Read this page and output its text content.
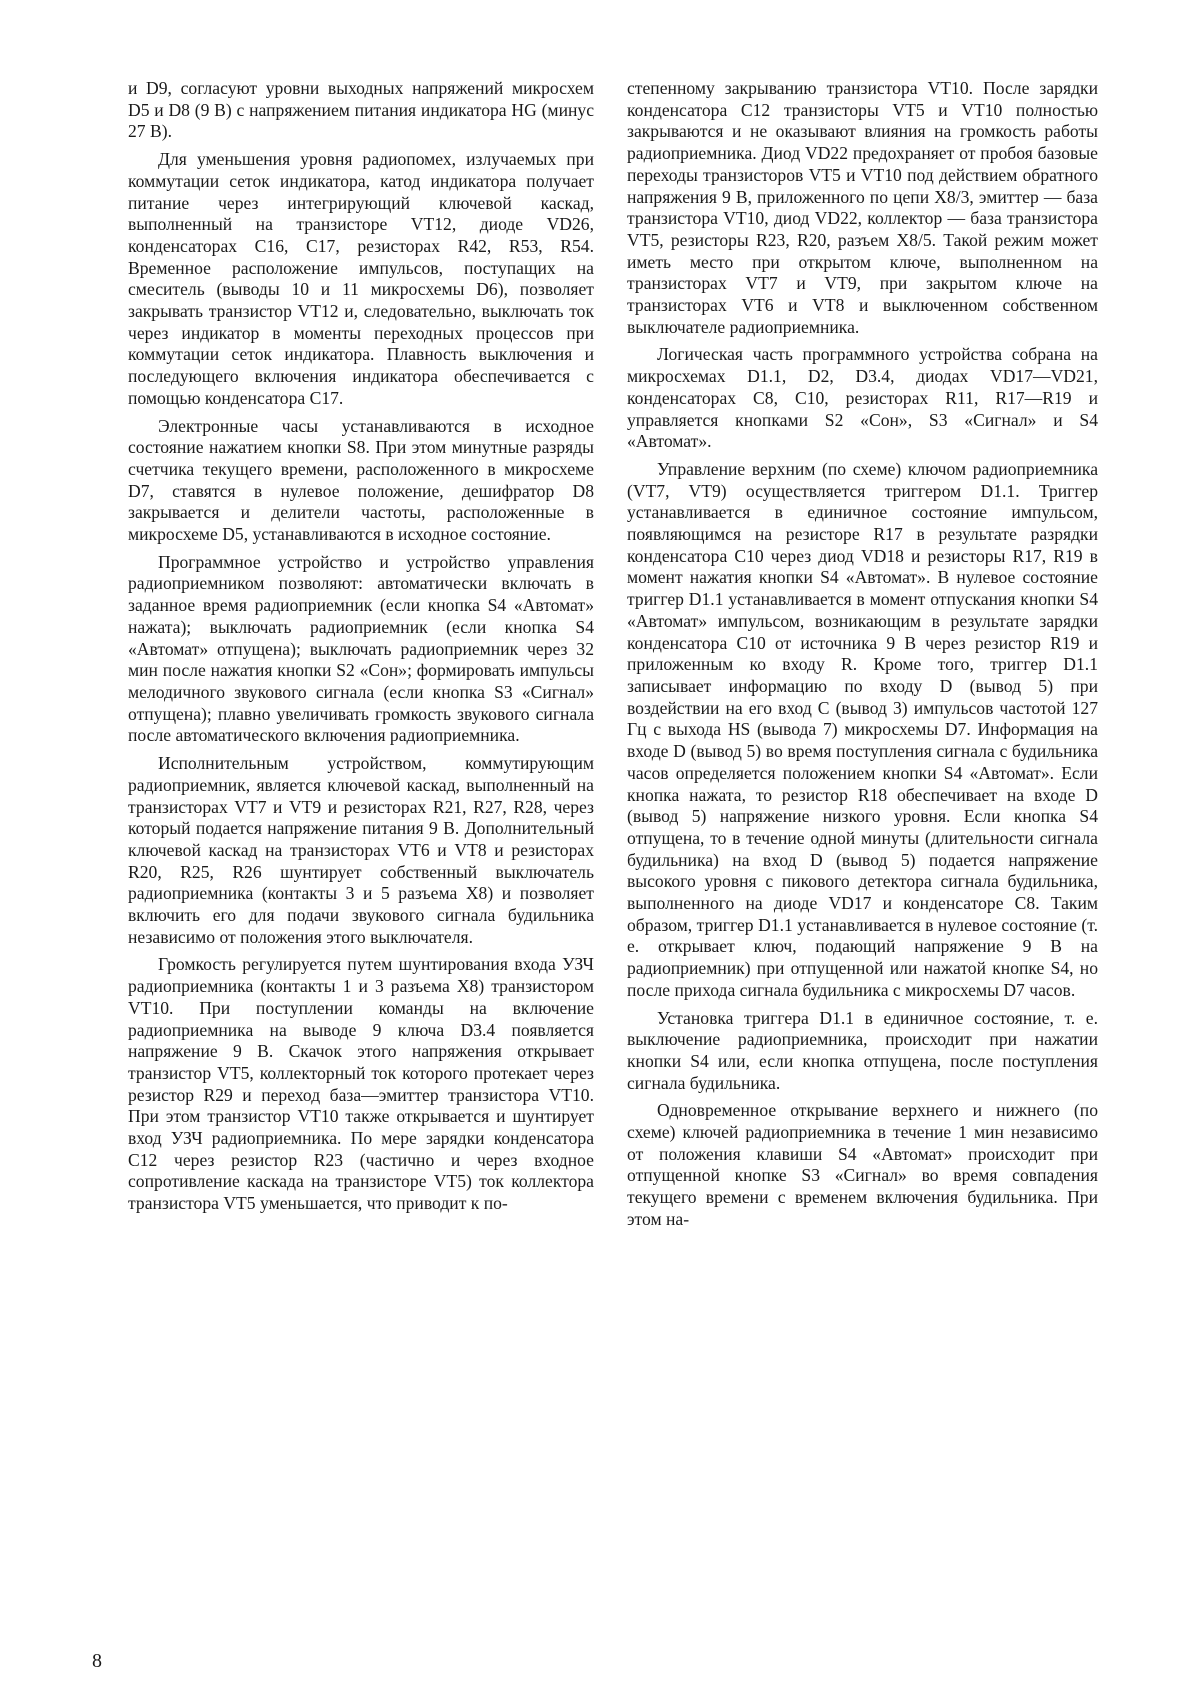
и D9, согласуют уровни выходных напряжений микросхем D5 и D8 (9 В) с напряжением питания индикатора HG (минус 27 В).

Для уменьшения уровня радиопомех, излучаемых при коммутации сеток индикатора, катод индикатора получает питание через интегрирующий ключевой каскад, выполненный на транзисторе VT12, диоде VD26, конденсаторах C16, C17, резисторах R42, R53, R54. Временное расположение импульсов, поступащих на смеситель (выводы 10 и 11 микросхемы D6), позволяет закрывать транзистор VT12 и, следовательно, выключать ток через индикатор в моменты переходных процессов при коммутации сеток индикатора. Плавность выключения и последующего включения индикатора обеспечивается с помощью конденсатора C17.

Электронные часы устанавливаются в исходное состояние нажатием кнопки S8. При этом минутные разряды счетчика текущего времени, расположенного в микросхеме D7, ставятся в нулевое положение, дешифратор D8 закрывается и делители частоты, расположенные в микросхеме D5, устанавливаются в исходное состояние.

Программное устройство и устройство управления радиоприемником позволяют: автоматически включать в заданное время радиоприемник (если кнопка S4 «Автомат» нажата); выключать радиоприемник (если кнопка S4 «Автомат» отпущена); выключать радиоприемник через 32 мин после нажатия кнопки S2 «Сон»; формировать импульсы мелодичного звукового сигнала (если кнопка S3 «Сигнал» отпущена); плавно увеличивать громкость звукового сигнала после автоматического включения радиоприемника.

Исполнительным устройством, коммутирующим радиоприемник, является ключевой каскад, выполненный на транзисторах VT7 и VT9 и резисторах R21, R27, R28, через который подается напряжение питания 9 В. Дополнительный ключевой каскад на транзисторах VT6 и VT8 и резисторах R20, R25, R26 шунтирует собственный выключатель радиоприемника (контакты 3 и 5 разъема X8) и позволяет включить его для подачи звукового сигнала будильника независимо от положения этого выключателя.

Громкость регулируется путем шунтирования входа УЗЧ радиоприемника (контакты 1 и 3 разъема X8) транзистором VT10. При поступлении команды на включение радиоприемника на выводе 9 ключа D3.4 появляется напряжение 9 В. Скачок этого напряжения открывает транзистор VT5, коллекторный ток которого протекает через резистор R29 и переход база—эмиттер транзистора VT10. При этом транзистор VT10 также открывается и шунтирует вход УЗЧ радиоприемника. По мере зарядки конденсатора C12 через резистор R23 (частично и через входное сопротивление каскада на транзисторе VT5) ток коллектора транзистора VT5 уменьшается, что приводит к по-

степенному закрыванию транзистора VT10. После зарядки конденсатора C12 транзисторы VT5 и VT10 полностью закрываются и не оказывают влияния на громкость работы радиоприемника. Диод VD22 предохраняет от пробоя базовые переходы транзисторов VT5 и VT10 под действием обратного напряжения 9 В, приложенного по цепи X8/3, эмиттер — база транзистора VT10, диод VD22, коллектор — база транзистора VT5, резисторы R23, R20, разъем X8/5. Такой режим может иметь место при открытом ключе, выполненном на транзисторах VT7 и VT9, при закрытом ключе на транзисторах VT6 и VT8 и выключенном собственном выключателе радиоприемника.

Логическая часть программного устройства собрана на микросхемах D1.1, D2, D3.4, диодах VD17—VD21, конденсаторах C8, C10, резисторах R11, R17—R19 и управляется кнопками S2 «Сон», S3 «Сигнал» и S4 «Автомат».

Управление верхним (по схеме) ключом радиоприемника (VT7, VT9) осуществляется триггером D1.1. Триггер устанавливается в единичное состояние импульсом, появляющимся на резисторе R17 в результате разрядки конденсатора C10 через диод VD18 и резисторы R17, R19 в момент нажатия кнопки S4 «Автомат». В нулевое состояние триггер D1.1 устанавливается в момент отпускания кнопки S4 «Автомат» импульсом, возникающим в результате зарядки конденсатора C10 от источника 9 В через резистор R19 и приложенным ко входу R. Кроме того, триггер D1.1 записывает информацию по входу D (вывод 5) при воздействии на его вход C (вывод 3) импульсов частотой 127 Гц с выхода HS (вывода 7) микросхемы D7. Информация на входе D (вывод 5) во время поступления сигнала с будильника часов определяется положением кнопки S4 «Автомат». Если кнопка нажата, то резистор R18 обеспечивает на входе D (вывод 5) напряжение низкого уровня. Если кнопка S4 отпущена, то в течение одной минуты (длительности сигнала будильника) на вход D (вывод 5) подается напряжение высокого уровня с пикового детектора сигнала будильника, выполненного на диоде VD17 и конденсаторе C8. Таким образом, триггер D1.1 устанавливается в нулевое состояние (т. е. открывает ключ, подающий напряжение 9 В на радиоприемник) при отпущенной или нажатой кнопке S4, но после прихода сигнала будильника с микросхемы D7 часов.

Установка триггера D1.1 в единичное состояние, т. е. выключение радиоприемника, происходит при нажатии кнопки S4 или, если кнопка отпущена, после поступления сигнала будильника.

Одновременное открывание верхнего и нижнего (по схеме) ключей радиоприемника в течение 1 мин независимо от положения клавиши S4 «Автомат» происходит при отпущенной кнопке S3 «Сигнал» во время совпадения текущего времени с временем включения будильника. При этом на-

8
